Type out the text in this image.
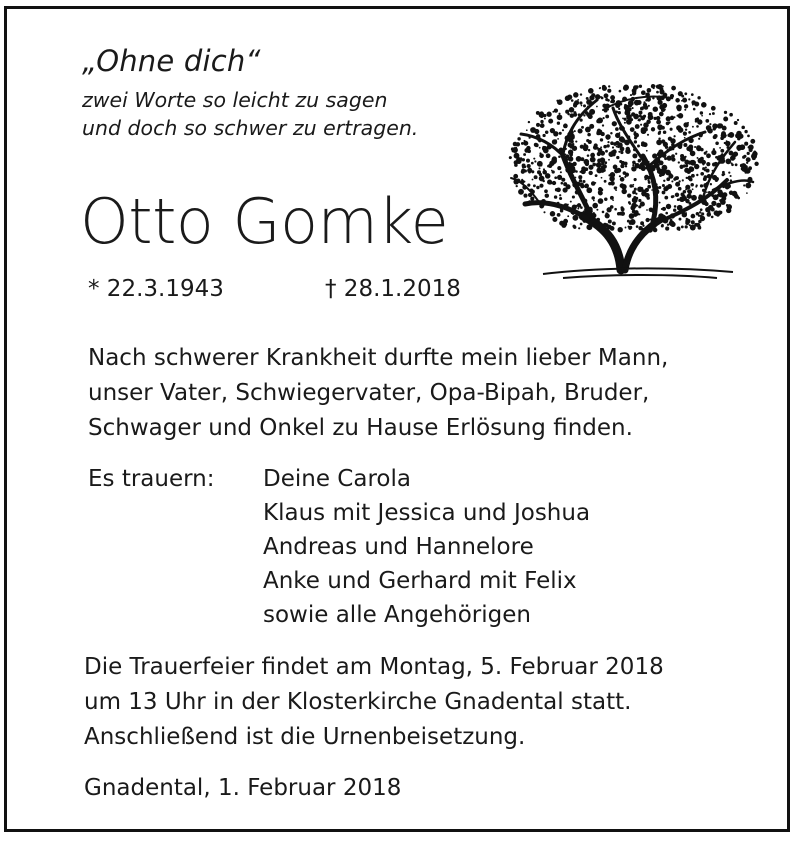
„Ohne dich“
zwei Worte so leicht zu sagen
und doch so schwer zu ertragen.
Otto Gomke
* 22.3.1943	† 28.1.2018
Nach schwerer Krankheit durfte mein lieber Mann,
unser Vater, Schwiegervater, Opa-Bipah, Bruder,
Schwager und Onkel zu Hause Erlösung finden.
Es trauern: Deine Carola
Klaus mit Jessica und Joshua
Andreas und Hannelore
Anke und Gerhard mit Felix
sowie alle Angehörigen
Die Trauerfeier findet am Montag, 5. Februar 2018
um 13 Uhr in der Klosterkirche Gnadental statt.
Anschließend ist die Urnenbeisetzung.
Gnadental, 1. Februar 2018
